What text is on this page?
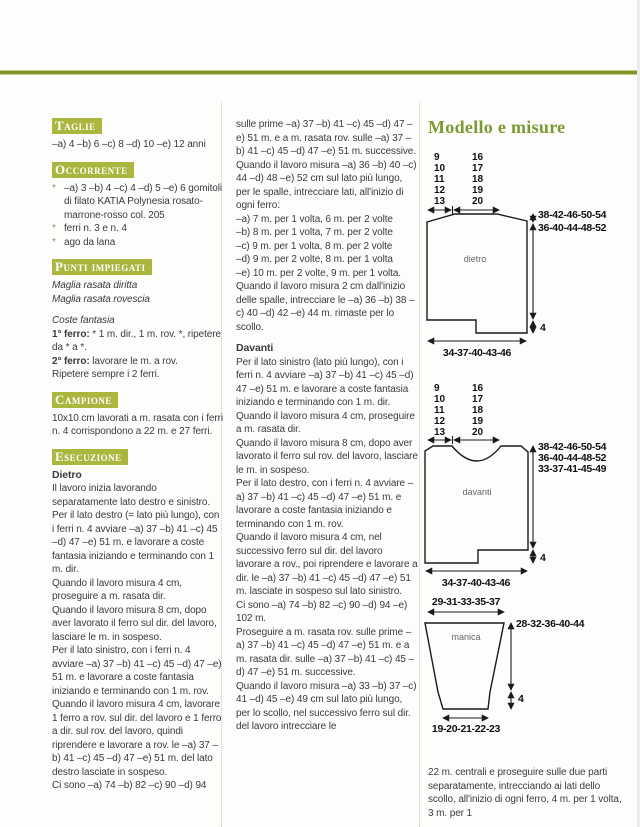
Taglie

–a) 4 –b) 6 –c) 8 –d) 10 –e) 12 anni

Occorrente
* –a) 3 –b) 4 –c) 4 –d) 5 –e) 6 gomitoli di filato KATIA Polynesia rosato-marrone-rosso col. 205

* ferri n. 3 e n. 4

* ago da lana

Punti impiegati

Maglia rasata diritta

Maglia rasata rovescia

Coste fantasia

1° ferro: * 1 m. dir., 1 m. rov. *, ripetere da * a *.

2° ferro: lavorare le m. a rov.

Ripetere sempre i 2 ferri.

Campione

10x10 cm lavorati a m. rasata con i ferri n. 4 corrispondono a 22 m. e 27 ferri.

Esecuzione

Dietro

Il lavoro inizia lavorando separatamente lato destro e sinistro.

Per il lato destro (= lato più lungo), con i ferri n. 4 avviare –a) 37 –b) 41 –c) 45 –d) 47 –e) 51 m. e lavorare a coste fantasia iniziando e terminando con 1 m. dir.

Quando il lavoro misura 4 cm, proseguire a m. rasata dir.

Quando il lavoro misura 8 cm, dopo aver lavorato il ferro sul dir. del lavoro, lasciare le m. in sospeso.

Per il lato sinistro, con i ferri n. 4 avviare –a) 37 –b) 41 –c) 45 –d) 47 –e) 51 m. e lavorare a coste fantasia iniziando e terminando con 1 m. rov.

Quando il lavoro misura 4 cm, lavorare 1 ferro a rov. sul dir. del lavoro e 1 ferro a dir. sul rov. del lavoro, quindi riprendere e lavorare a rov. le –a) 37 –b) 41 –c) 45 –d) 47 –e) 51 m. del lato destro lasciate in sospeso.

Ci sono –a) 74 –b) 82 –c) 90 –d) 94

sulle prime –a) 37 –b) 41 –c) 45 –d) 47 –e) 51 m. e a m. rasata rov. sulle –a) 37 –b) 41 –c) 45 –d) 47 –e) 51 m. successive.

Quando il lavoro misura –a) 36 –b) 40 –c) 44 –d) 48 –e) 52 cm sul lato più lungo, per le spalle, intrecciare lati, all'inizio di ogni ferro:

–a) 7 m. per 1 volta, 6 m. per 2 volte

–b) 8 m. per 1 volta, 7 m. per 2 volte

–c) 9 m. per 1 volta, 8 m. per 2 volte

–d) 9 m. per 2 volte, 8 m. per 1 volta

–e) 10 m. per 2 volte, 9 m. per 1 volta.

Quando il lavoro misura 2 cm dall'inizio delle spalle, intrecciare le –a) 36 –b) 38 –c) 40 –d) 42 –e) 44 m. rimaste per lo scollo.

Davanti

Per il lato sinistro (lato più lungo), con i ferri n. 4 avviare –a) 37 –b) 41 –c) 45 –d) 47 –e) 51 m. e lavorare a coste fantasia iniziando e terminando con 1 m. dir.

Quando il lavoro misura 4 cm, proseguire a m. rasata dir.

Quando il lavoro misura 8 cm, dopo aver lavorato il ferro sul rov. del lavoro, lasciare le m. in sospeso.

Per il lato destro, con i ferri n. 4 avviare –a) 37 –b) 41 –c) 45 –d) 47 –e) 51 m. e lavorare a coste fantasia iniziando e terminando con 1 m. rov.

Quando il lavoro misura 4 cm, nel successivo ferro sul dir. del lavoro lavorare a rov., poi riprendere e lavorare a dir. le –a) 37 –b) 41 –c) 45 –d) 47 –e) 51 m. lasciate in sospeso sul lato sinistro.

Ci sono –a) 74 –b) 82 –c) 90 –d) 94 –e) 102 m.

Proseguire a m. rasata rov. sulle prime –a) 37 –b) 41 –c) 45 –d) 47 –e) 51 m. e a m. rasata dir. sulle –a) 37 –b) 41 –c) 45 –d) 47 –e) 51 m. successive.

Quando il lavoro misura –a) 33 –b) 37 –c) 41 –d) 45 –e) 49 cm sul lato più lungo, per lo scollo, nel successivo ferro sul dir. del lavoro intrecciare le

Modello e misure
9
10
11
12
13
16
17
18
19
20
dietro
38-42-46-50-54
36-40-44-48-52
4
34-37-40-43-46
9
10
11
12
13
16
17
18
19
20
davanti
38-42-46-50-54
36-40-44-48-52
33-37-41-45-49
4
34-37-40-43-46
29-31-33-35-37
manica
28-32-36-40-44
4
19-20-21-22-23
22 m. centrali e proseguire sulle due parti separatamente, intrecciando ai lati dello scollo, all'inizio di ogni ferro, 4 m. per 1 volta, 3 m. per 1
